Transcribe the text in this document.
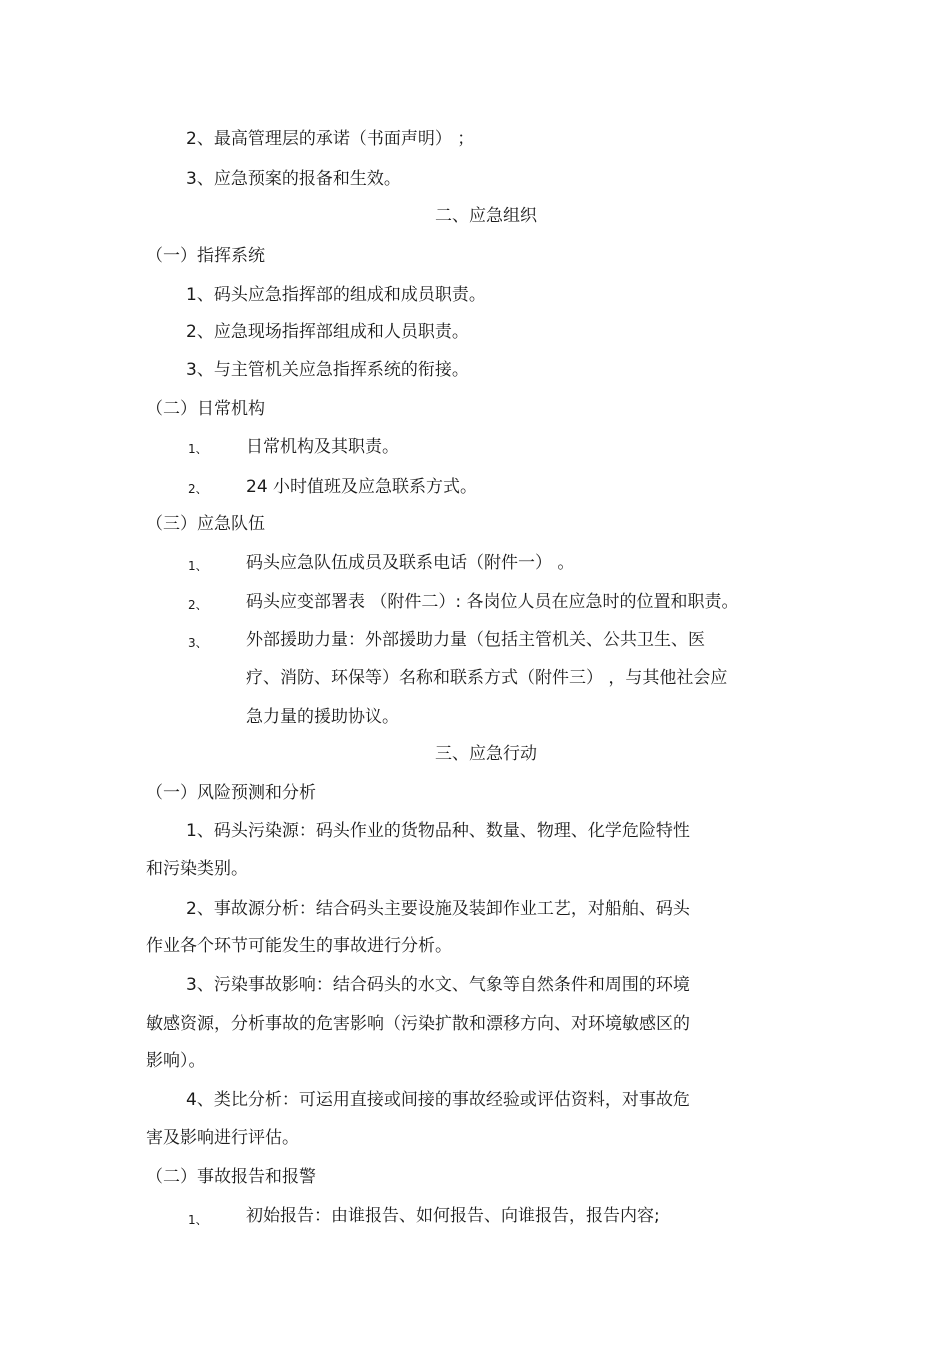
2、最高管理层的承诺（书面声明） ；
3、应急预案的报备和生效。
二、应急组织
（一）指挥系统
1、码头应急指挥部的组成和成员职责。
2、应急现场指挥部组成和人员职责。
3、与主管机关应急指挥系统的衔接。
（二）日常机构
1、 日常机构及其职责。
2、 24 小时值班及应急联系方式。
（三）应急队伍
1、 码头应急队伍成员及联系电话（附件一） 。
2、 码头应变部署表 （附件二）: 各岗位人员在应急时的位置和职责。
3、 外部援助力量：外部援助力量（包括主管机关、公共卫生、医
疗、消防、环保等）名称和联系方式（附件三） ，与其他社会应
急力量的援助协议。
三、应急行动
（一）风险预测和分析
1、码头污染源：码头作业的货物品种、数量、物理、化学危险特性
和污染类别。
2、事故源分析：结合码头主要设施及装卸作业工艺，对船舶、码头
作业各个环节可能发生的事故进行分析。
3、污染事故影响：结合码头的水文、气象等自然条件和周围的环境
敏感资源，分析事故的危害影响（污染扩散和漂移方向、对环境敏感区的
影响）。
4、类比分析：可运用直接或间接的事故经验或评估资料，对事故危
害及影响进行评估。
（二）事故报告和报警
1、 初始报告：由谁报告、如何报告、向谁报告，报告内容;
